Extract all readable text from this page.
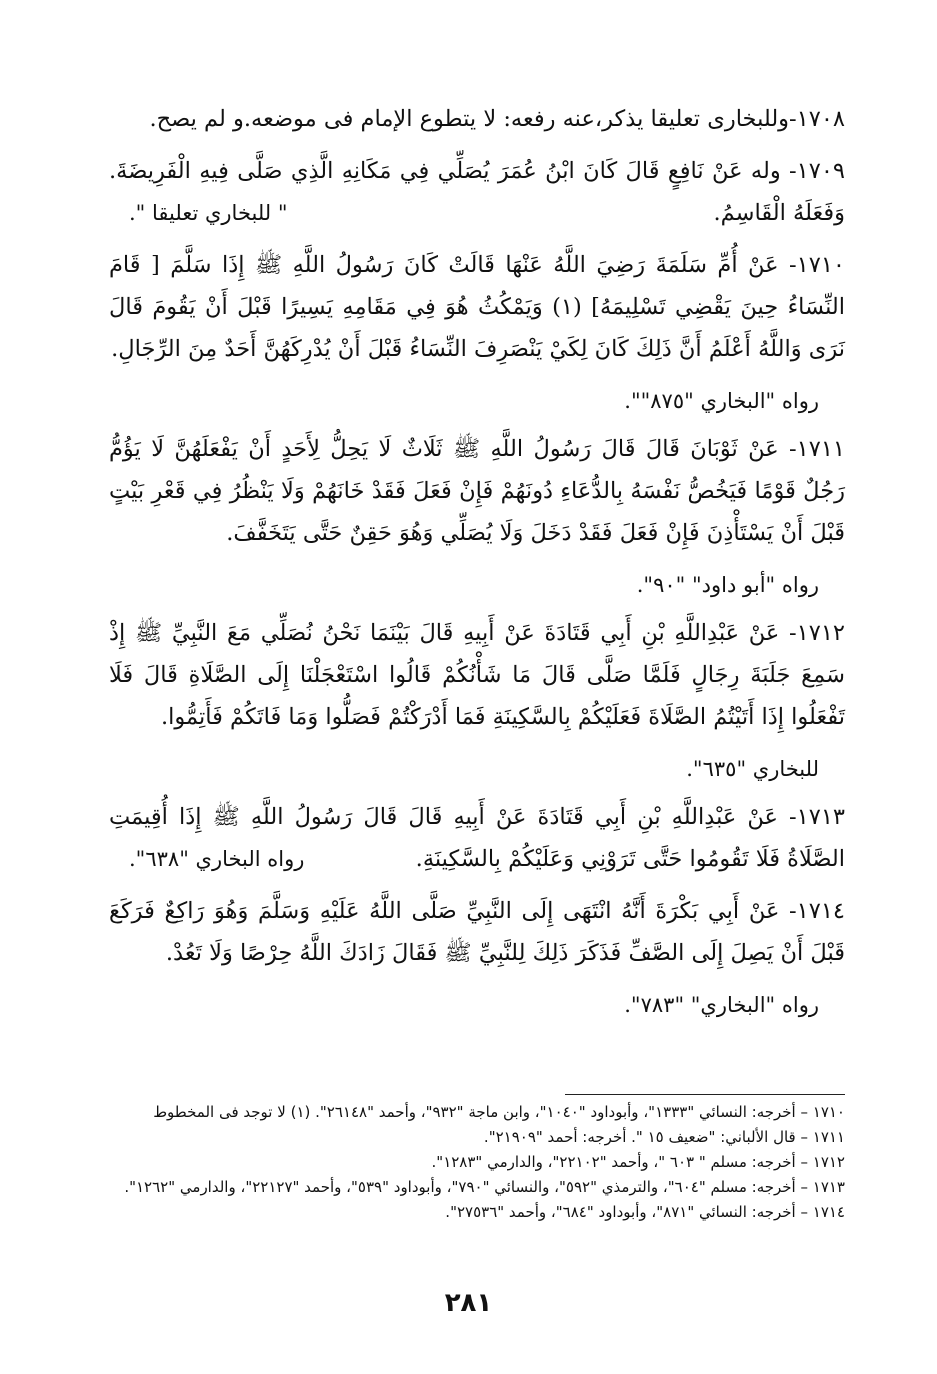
١٧٠٨-وللبخارى تعليقا يذكر،عنه رفعه: لا يتطوع الإمام فى موضعه.و لم يصح.

١٧٠٩- وله عَنْ نَافِعٍ قَالَ كَانَ ابْنُ عُمَرَ يُصَلِّي فِي مَكَانِهِ الَّذِي صَلَّى فِيهِ الْفَرِيضَةَ. وَفَعَلَهُ الْقَاسِمُ.
" للبخاري تعليقا ".

١٧١٠- عَنْ أُمِّ سَلَمَةَ رَضِيَ اللَّهُ عَنْهَا قَالَتْ كَانَ رَسُولُ اللَّهِ ﷺ إِذَا سَلَّمَ [ قَامَ النِّسَاءُ حِينَ يَقْضِي تَسْلِيمَهُ] (١) وَيَمْكُثُ هُوَ فِي مَقَامِهِ يَسِيرًا قَبْلَ أَنْ يَقُومَ قَالَ نَرَى وَاللَّهُ أَعْلَمُ أَنَّ ذَلِكَ كَانَ لِكَيْ يَنْصَرِفَ النِّسَاءُ قَبْلَ أَنْ يُدْرِكَهُنَّ أَحَدٌ مِنَ الرِّجَالِ.

رواه "البخاري "٨٧٥"".

١٧١١- عَنْ ثَوْبَانَ قَالَ قَالَ رَسُولُ اللَّهِ ﷺ ثَلَاثٌ لَا يَحِلُّ لِأَحَدٍ أَنْ يَفْعَلَهُنَّ لَا يَؤُمُّ رَجُلٌ قَوْمًا فَيَخُصُّ نَفْسَهُ بِالدُّعَاءِ دُونَهُمْ فَإِنْ فَعَلَ فَقَدْ خَانَهُمْ وَلَا يَنْظُرُ فِي قَعْرِ بَيْتٍ قَبْلَ أَنْ يَسْتَأْذِنَ فَإِنْ فَعَلَ فَقَدْ دَخَلَ وَلَا يُصَلِّي وَهُوَ حَقِنٌ حَتَّى يَتَخَفَّفَ.

رواه "أبو داود" "٩٠".

١٧١٢- عَنْ عَبْدِاللَّهِ بْنِ أَبِي قَتَادَةَ عَنْ أَبِيهِ قَالَ بَيْنَمَا نَحْنُ نُصَلِّي مَعَ النَّبِيِّ ﷺ إِذْ سَمِعَ جَلَبَةَ رِجَالٍ فَلَمَّا صَلَّى قَالَ مَا شَأْنُكُمْ قَالُوا اسْتَعْجَلْنَا إِلَى الصَّلَاةِ قَالَ فَلَا تَفْعَلُوا إِذَا أَتَيْتُمُ الصَّلَاةَ فَعَلَيْكُمْ بِالسَّكِينَةِ فَمَا أَدْرَكْتُمْ فَصَلُّوا وَمَا فَاتَكُمْ فَأَتِمُّوا.

للبخاري "٦٣٥".

١٧١٣- عَنْ عَبْدِاللَّهِ بْنِ أَبِي قَتَادَةَ عَنْ أَبِيهِ قَالَ قَالَ رَسُولُ اللَّهِ ﷺ إِذَا أُقِيمَتِ الصَّلَاةُ فَلَا تَقُومُوا حَتَّى تَرَوْنِي وَعَلَيْكُمْ بِالسَّكِينَةِ.
رواه البخاري "٦٣٨".

١٧١٤- عَنْ أَبِي بَكْرَةَ أَنَّهُ انْتَهَى إِلَى النَّبِيِّ صَلَّى اللَّهُ عَلَيْهِ وَسَلَّمَ وَهُوَ رَاكِعٌ فَرَكَعَ قَبْلَ أَنْ يَصِلَ إِلَى الصَّفِّ فَذَكَرَ ذَلِكَ لِلنَّبِيِّ ﷺ فَقَالَ زَادَكَ اللَّهُ حِرْصًا وَلَا تَعُدْ.

رواه "البخاري" "٧٨٣".

١٧١٠ – أخرجه: النسائي "١٣٣٣"، وأبوداود "١٠٤٠"، وابن ماجة "٩٣٢"، وأحمد "٢٦١٤٨". (١) لا توجد فى المخطوط

١٧١١ – قال الألباني: "ضعيف ١٥ ". أخرجه: أحمد "٢١٩٠٩".

١٧١٢ – أخرجه: مسلم " ٦٠٣ "، وأحمد "٢٢١٠٢"، والدارمي "١٢٨٣".

١٧١٣ – أخرجه: مسلم "٦٠٤"، والترمذي "٥٩٢"، والنسائي "٧٩٠"، وأبوداود "٥٣٩"، وأحمد "٢٢١٢٧"، والدارمي "١٢٦٢".

١٧١٤ – أخرجه: النسائي "٨٧١"، وأبوداود "٦٨٤"، وأحمد "٢٧٥٣٦".

٢٨١
